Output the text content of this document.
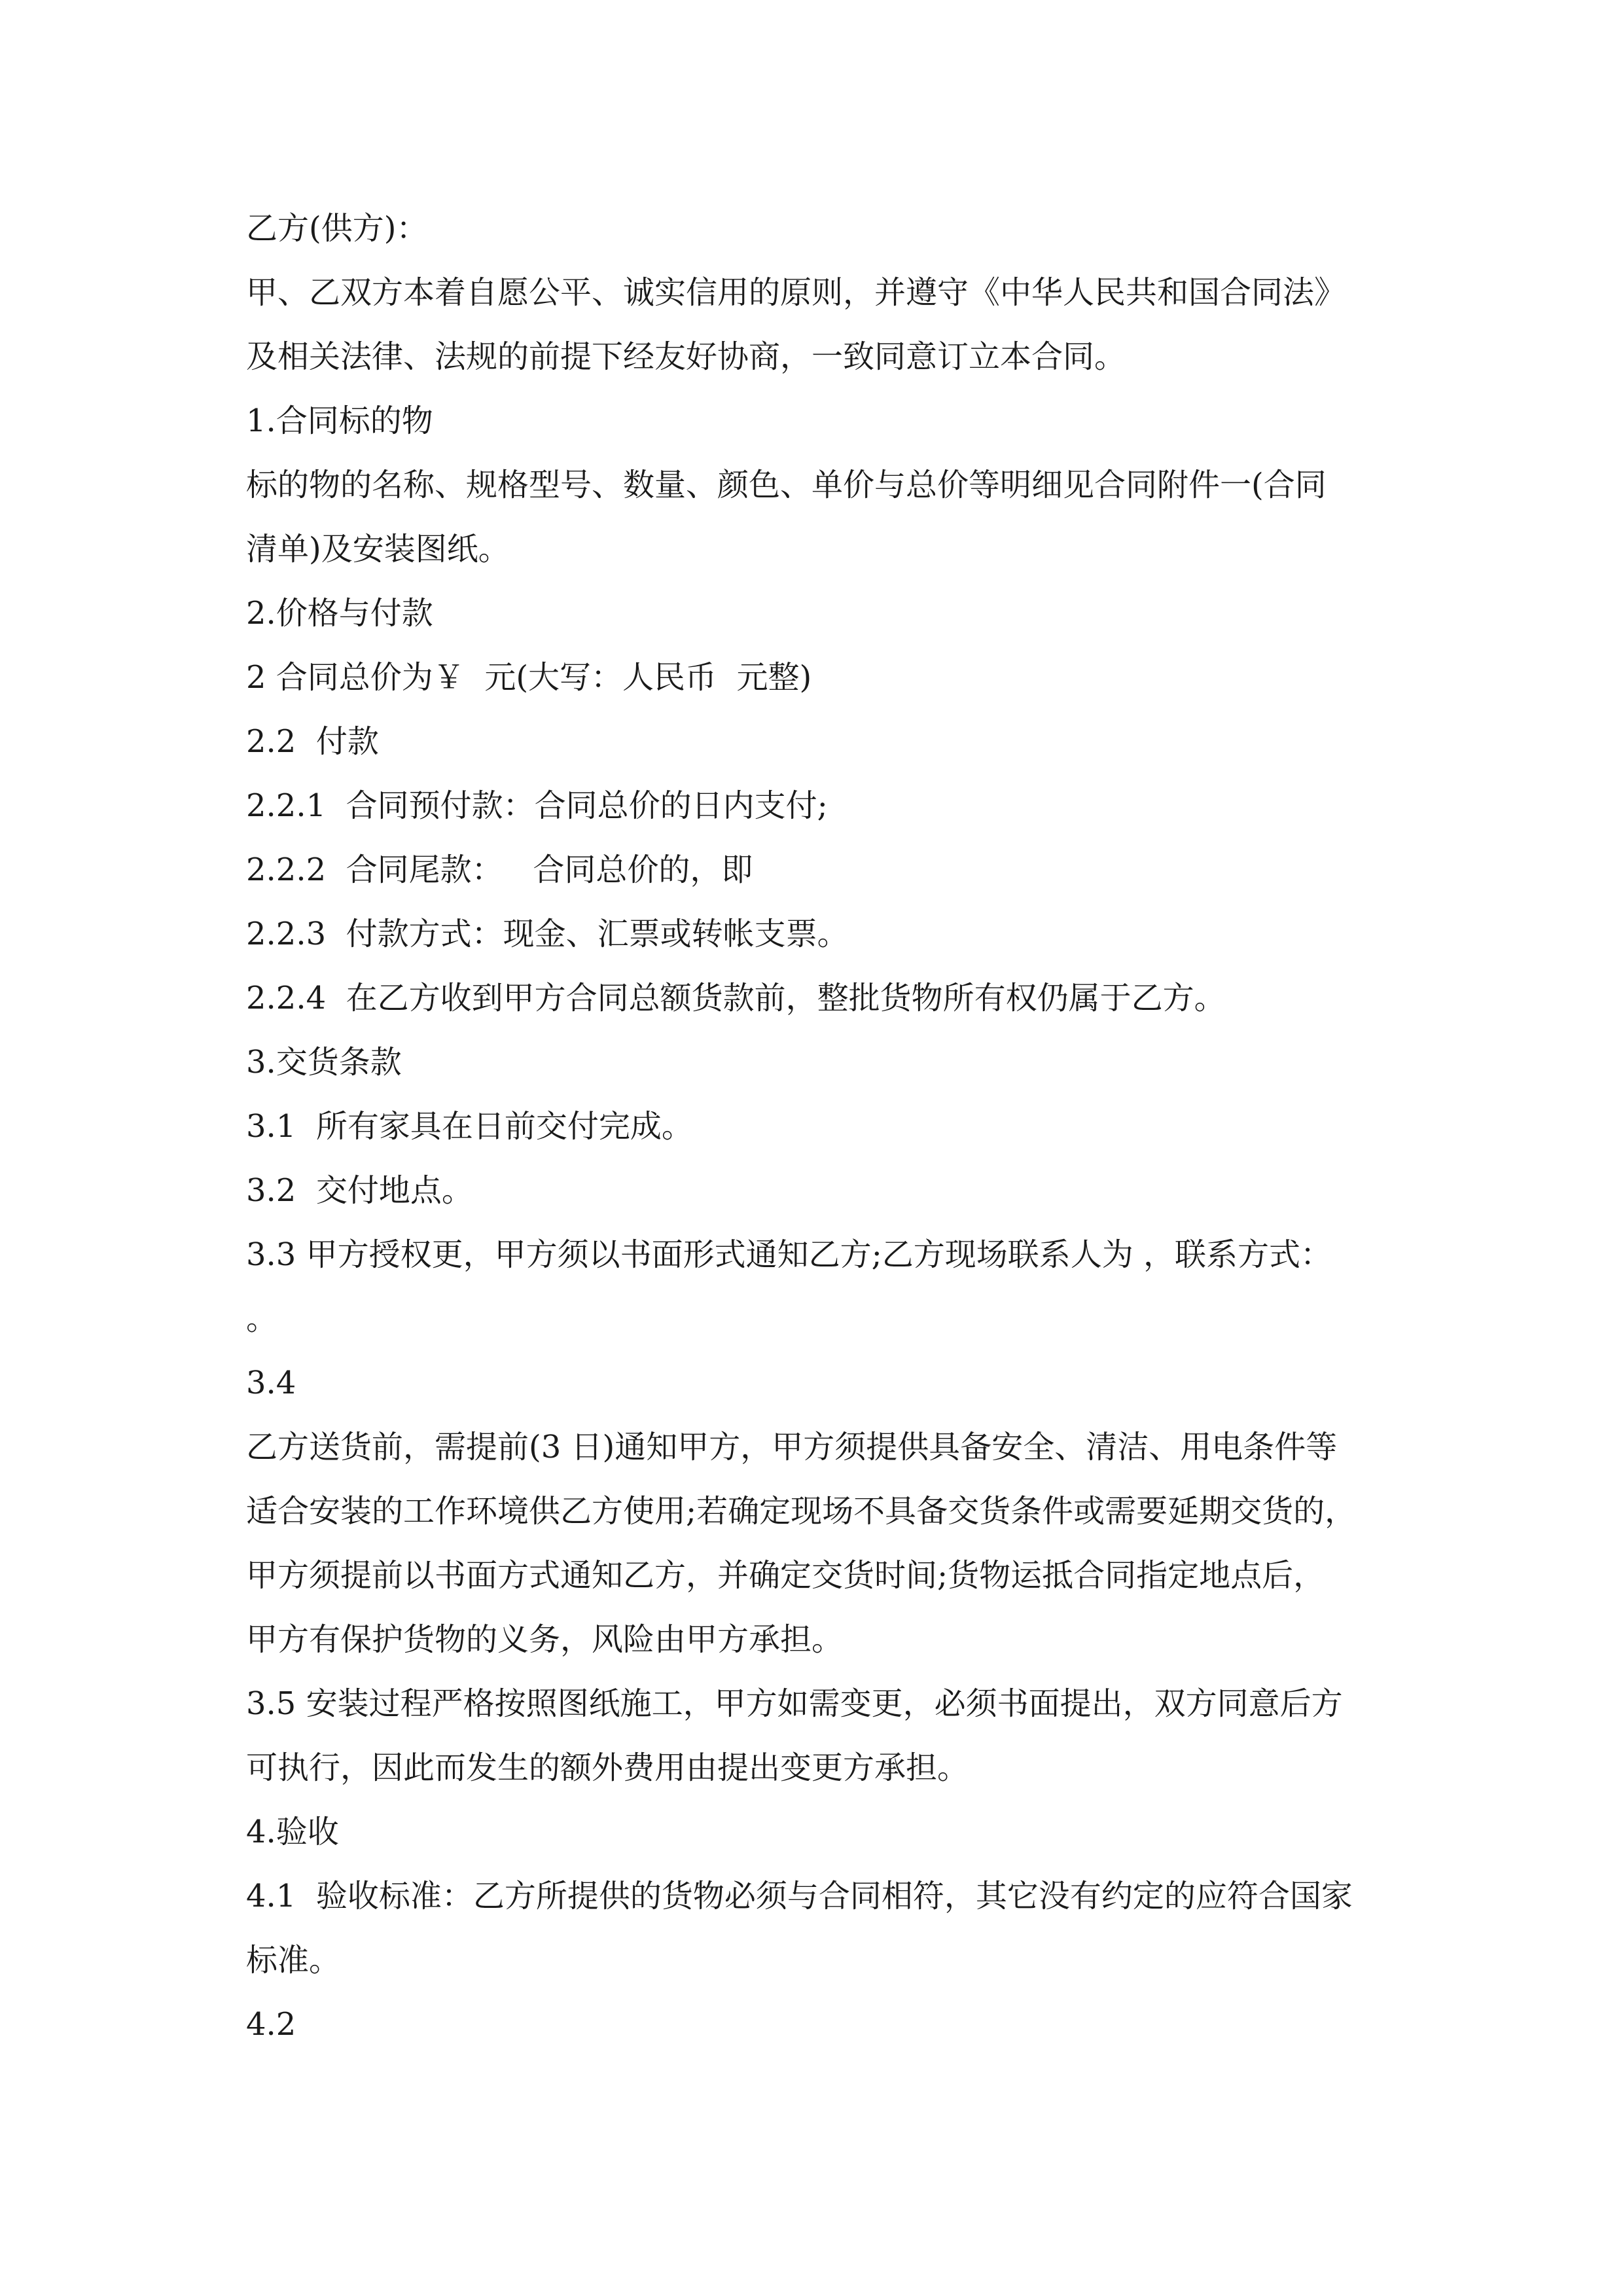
乙方(供方)：
甲、乙双方本着自愿公平、诚实信用的原则，并遵守《中华人民共和国合同法》
及相关法律、法规的前提下经友好协商，一致同意订立本合同。
1.合同标的物
标的物的名称、规格型号、数量、颜色、单价与总价等明细见合同附件一(合同
清单)及安装图纸。
2.价格与付款
2 合同总价为￥  元(大写：人民币  元整)
2.2  付款
2.2.1  合同预付款：合同总价的日内支付;
2.2.2  合同尾款：   合同总价的，即
2.2.3  付款方式：现金、汇票或转帐支票。
2.2.4  在乙方收到甲方合同总额货款前，整批货物所有权仍属于乙方。
3.交货条款
3.1  所有家具在日前交付完成。
3.2  交付地点。
3.3 甲方授权更，甲方须以书面形式通知乙方;乙方现场联系人为 ，联系方式：
。
3.4
乙方送货前，需提前(3 日)通知甲方，甲方须提供具备安全、清洁、用电条件等
适合安装的工作环境供乙方使用;若确定现场不具备交货条件或需要延期交货的，
甲方须提前以书面方式通知乙方，并确定交货时间;货物运抵合同指定地点后，
甲方有保护货物的义务，风险由甲方承担。
3.5 安装过程严格按照图纸施工，甲方如需变更，必须书面提出，双方同意后方
可执行，因此而发生的额外费用由提出变更方承担。
4.验收
4.1  验收标准：乙方所提供的货物必须与合同相符，其它没有约定的应符合国家
标准。
4.2
